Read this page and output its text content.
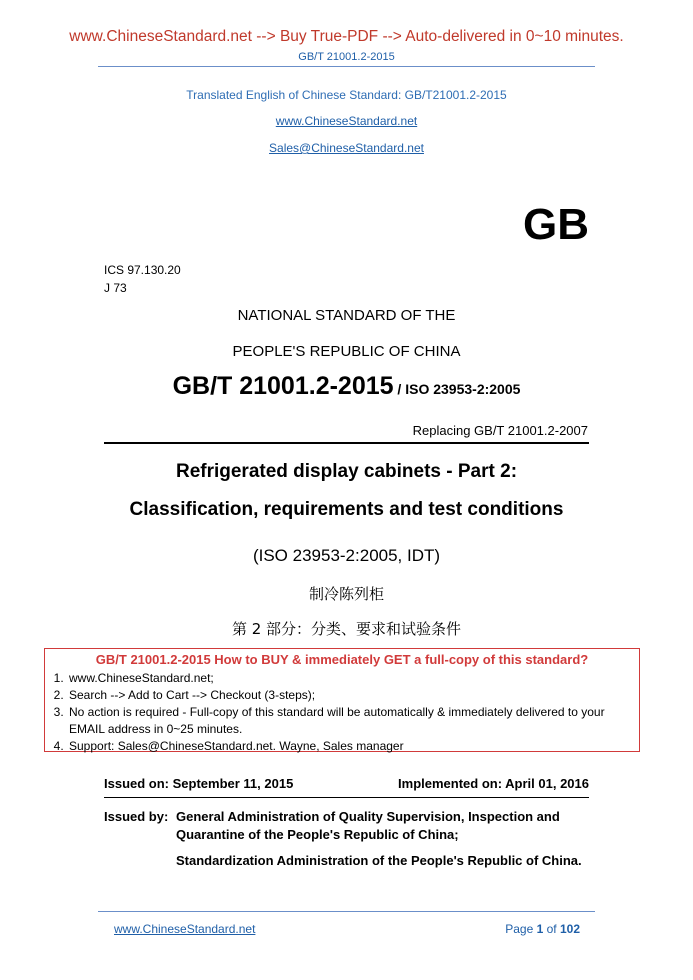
www.ChineseStandard.net --> Buy True-PDF --> Auto-delivered in 0~10 minutes.
GB/T 21001.2-2015
Translated English of Chinese Standard: GB/T21001.2-2015
www.ChineseStandard.net
Sales@ChineseStandard.net
GB
ICS 97.130.20
J 73
NATIONAL STANDARD OF THE
PEOPLE'S REPUBLIC OF CHINA
GB/T 21001.2-2015 / ISO 23953-2:2005
Replacing GB/T 21001.2-2007
Refrigerated display cabinets - Part 2:
Classification, requirements and test conditions
(ISO 23953-2:2005, IDT)
制冷陈列柜
第 2 部分：分类、要求和试验条件
GB/T 21001.2-2015 How to BUY & immediately GET a full-copy of this standard?
1. www.ChineseStandard.net;
2. Search --> Add to Cart --> Checkout (3-steps);
3. No action is required - Full-copy of this standard will be automatically & immediately delivered to your EMAIL address in 0~25 minutes.
4. Support: Sales@ChineseStandard.net. Wayne, Sales manager
Issued on: September 11, 2015	Implemented on: April 01, 2016
Issued by: General Administration of Quality Supervision, Inspection and Quarantine of the People's Republic of China;
Standardization Administration of the People's Republic of China.
www.ChineseStandard.net	Page 1 of 102
